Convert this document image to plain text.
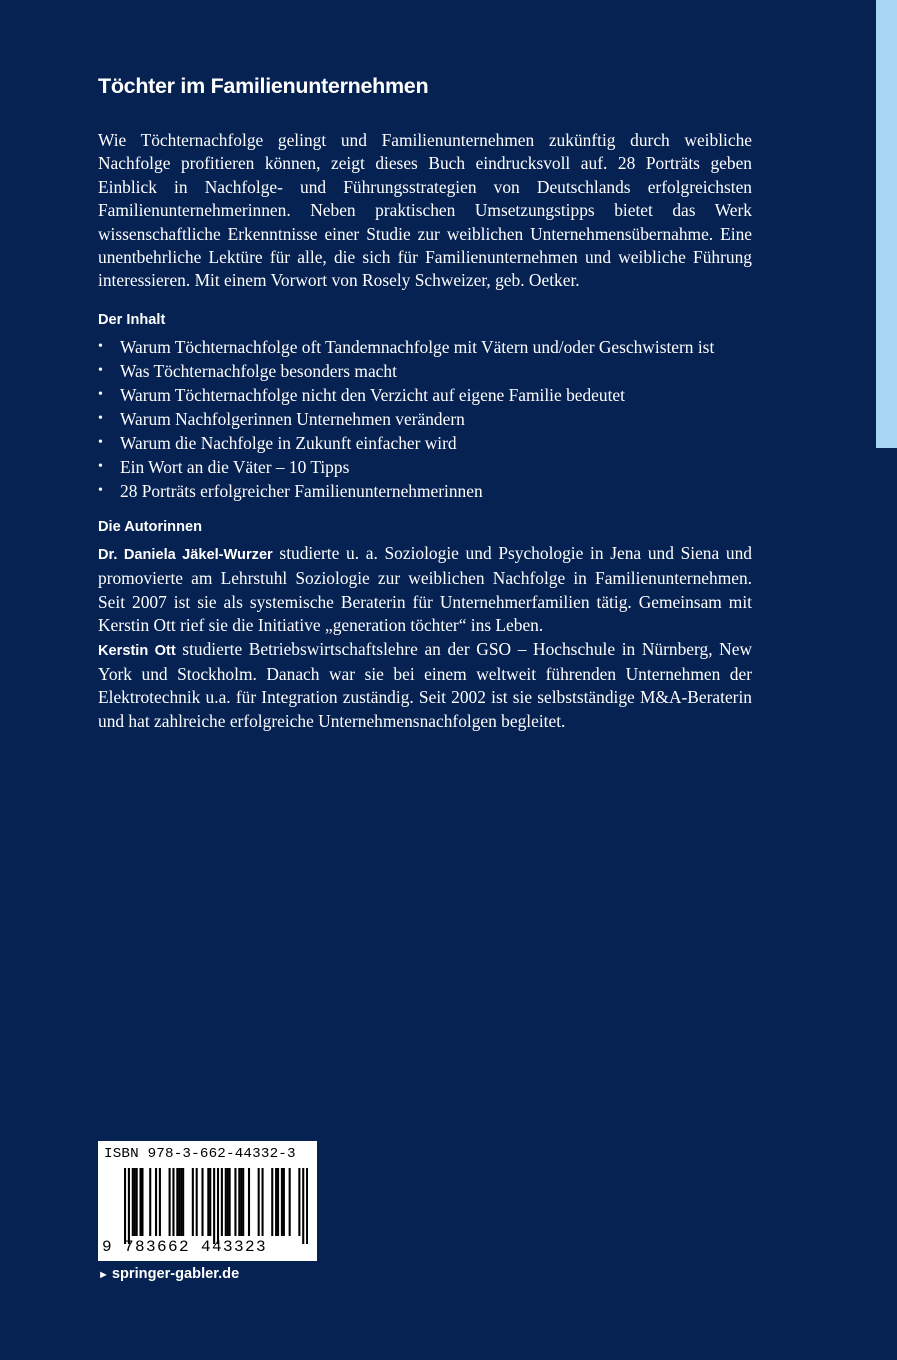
Töchter im Familienunternehmen
Wie Töchternachfolge gelingt und Familienunternehmen zukünftig durch weibliche Nachfolge profitieren können, zeigt dieses Buch eindrucksvoll auf. 28 Porträts geben Einblick in Nachfolge- und Führungsstrategien von Deutschlands erfolgreichsten Familienunternehmerinnen. Neben praktischen Umsetzungstipps bietet das Werk wissenschaftliche Erkenntnisse einer Studie zur weiblichen Unternehmensübernahme. Eine unentbehrliche Lektüre für alle, die sich für Familienunternehmen und weibliche Führung interessieren. Mit einem Vorwort von Rosely Schweizer, geb. Oetker.
Der Inhalt
• Warum Töchternachfolge oft Tandemnachfolge mit Vätern und/oder Geschwistern ist
• Was Töchternachfolge besonders macht
• Warum Töchternachfolge nicht den Verzicht auf eigene Familie bedeutet
• Warum Nachfolgerinnen Unternehmen verändern
• Warum die Nachfolge in Zukunft einfacher wird
• Ein Wort an die Väter – 10 Tipps
• 28 Porträts erfolgreicher Familienunternehmerinnen
Die Autorinnen

Dr. Daniela Jäkel-Wurzer studierte u. a. Soziologie und Psychologie in Jena und Siena und promovierte am Lehrstuhl Soziologie zur weiblichen Nachfolge in Familienunternehmen. Seit 2007 ist sie als systemische Beraterin für Unternehmerfamilien tätig. Gemeinsam mit Kerstin Ott rief sie die Initiative „generation töchter“ ins Leben.

Kerstin Ott studierte Betriebswirtschaftslehre an der GSO – Hochschule in Nürnberg, New York und Stockholm. Danach war sie bei einem weltweit führenden Unternehmen der Elektrotechnik u.a. für Integration zuständig. Seit 2002 ist sie selbstständige M&A-Beraterin und hat zahlreiche erfolgreiche Unternehmensnachfolgen begleitet.

ISBN 978-3-662-44332-3
9 783662 443323
► springer-gabler.de
